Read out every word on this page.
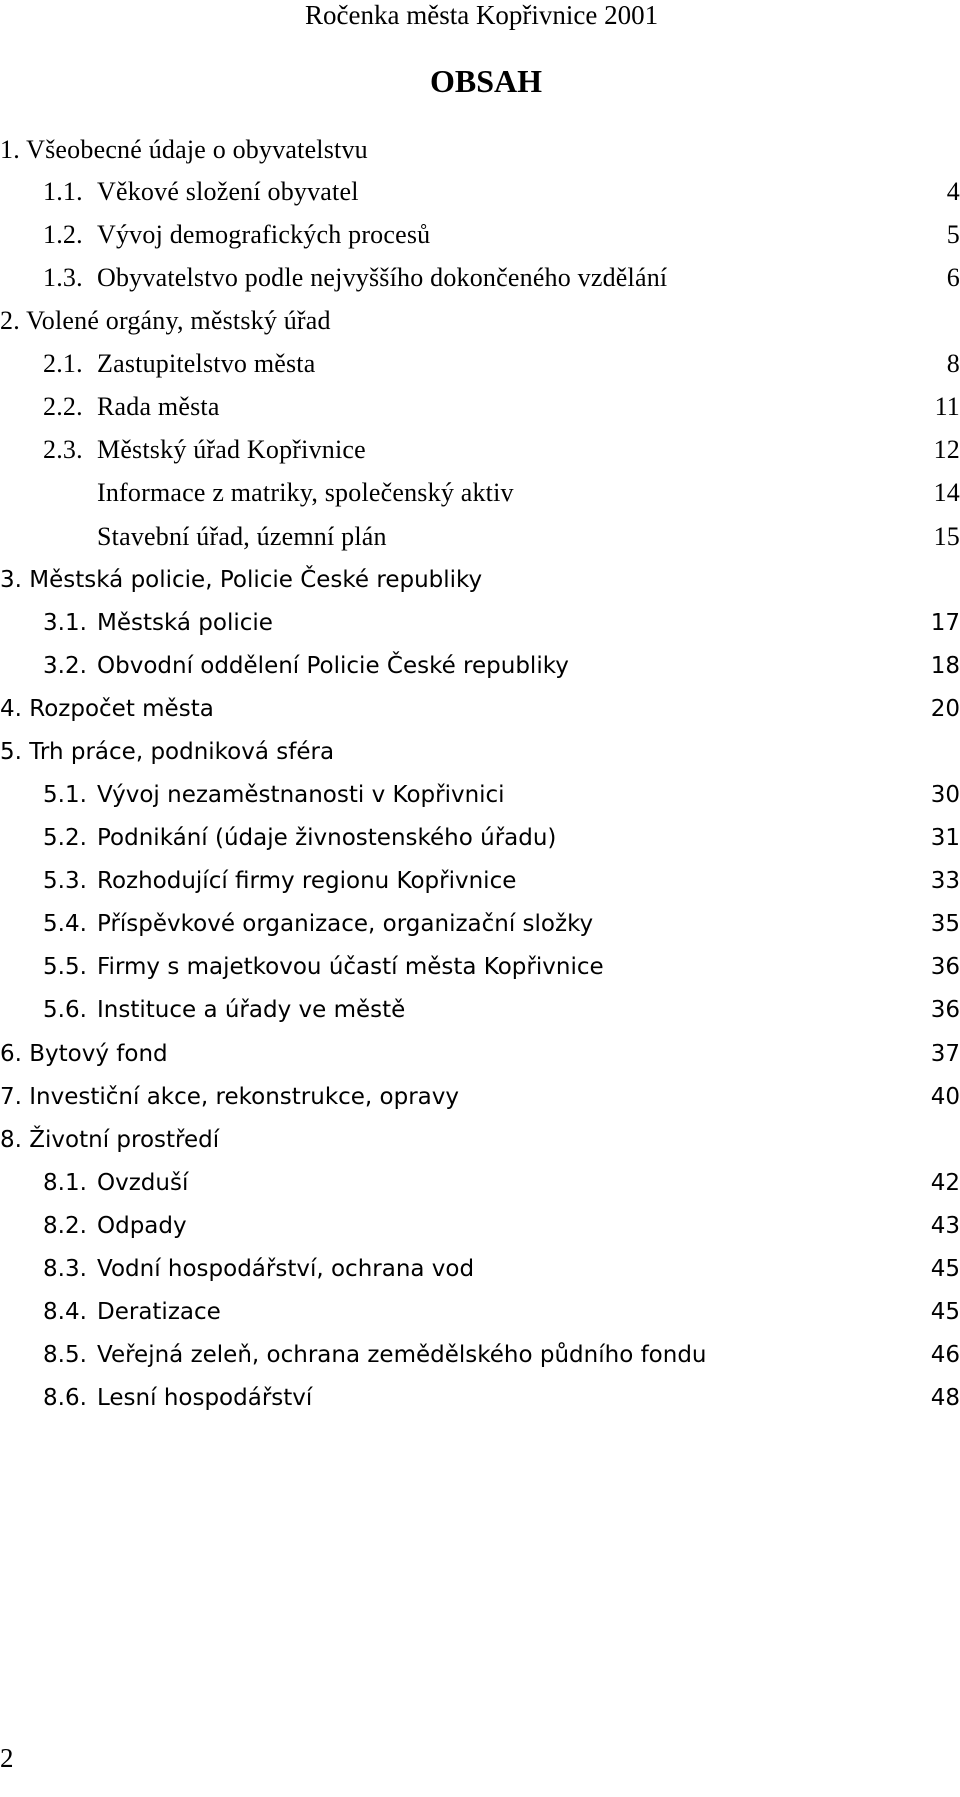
Ročenka města Kopřivnice 2001
OBSAH
1. Všeobecné údaje o obyvatelstvu
1.1. Věkové složení obyvatel	4
1.2. Vývoj demografických procesů	5
1.3. Obyvatelstvo podle nejvyššího dokončeného vzdělání	6
2. Volené orgány, městský úřad
2.1. Zastupitelstvo města	8
2.2. Rada města	11
2.3. Městský úřad Kopřivnice	12
Informace z matriky, společenský aktiv	14
Stavební úřad, územní plán	15
3. Městská policie, Policie České republiky
3.1. Městská policie	17
3.2. Obvodní oddělení Policie České republiky	18
4. Rozpočet města	20
5. Trh práce, podniková sféra
5.1. Vývoj nezaměstnanosti v Kopřivnici	30
5.2. Podnikání (údaje živnostenského úřadu)	31
5.3. Rozhodující firmy regionu Kopřivnice	33
5.4. Příspěvkové organizace, organizační složky	35
5.5. Firmy s majetkovou účastí města Kopřivnice	36
5.6. Instituce a úřady ve městě	36
6. Bytový fond	37
7. Investiční akce, rekonstrukce, opravy	40
8. Životní prostředí
8.1. Ovzduší	42
8.2. Odpady	43
8.3. Vodní hospodářství, ochrana vod	45
8.4. Deratizace	45
8.5. Veřejná zeleň, ochrana zemědělského půdního fondu	46
8.6. Lesní hospodářství	48
2
